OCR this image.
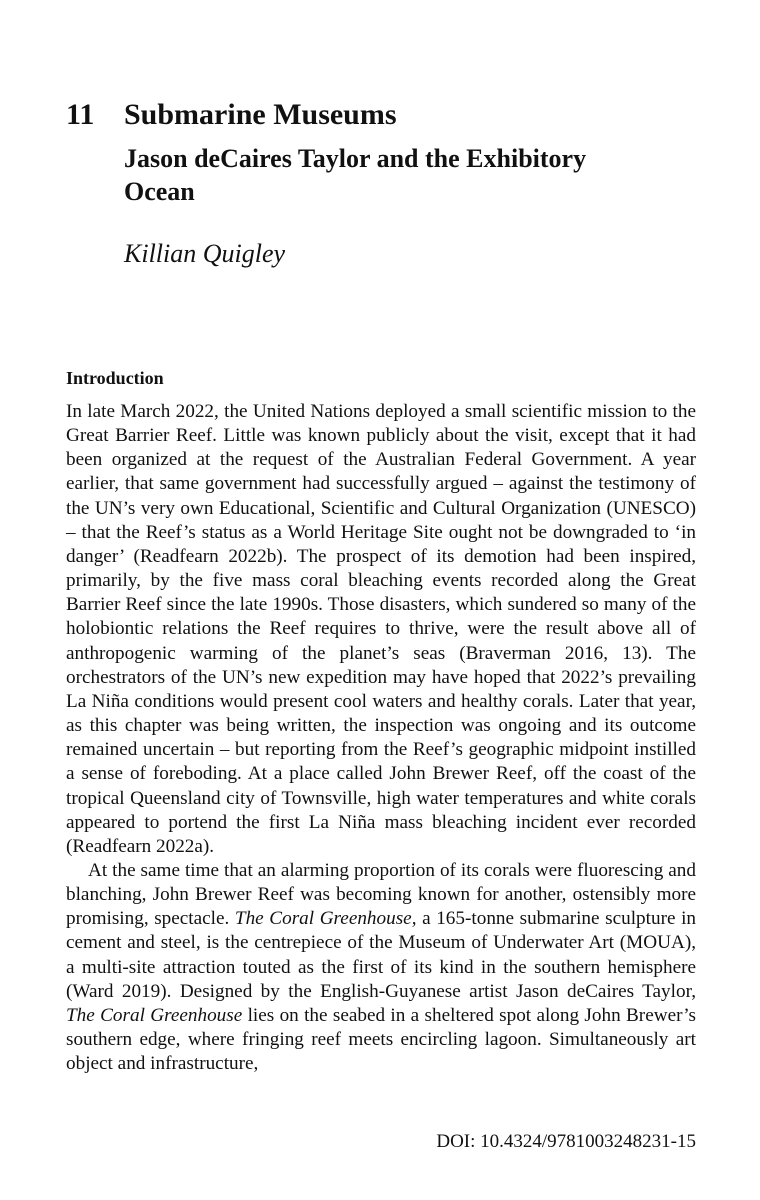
11 Submarine Museums
Jason deCaires Taylor and the Exhibitory Ocean
Killian Quigley
Introduction

In late March 2022, the United Nations deployed a small scientific mission to the Great Barrier Reef. Little was known publicly about the visit, except that it had been organized at the request of the Australian Federal Government. A year earlier, that same government had successfully argued – against the testimony of the UN’s very own Educational, Scientific and Cultural Organization (UNESCO) – that the Reef’s status as a World Heritage Site ought not be downgraded to ‘in danger’ (Readfearn 2022b). The prospect of its demotion had been inspired, primarily, by the five mass coral bleaching events recorded along the Great Barrier Reef since the late 1990s. Those disasters, which sundered so many of the holobiontic relations the Reef requires to thrive, were the result above all of anthropogenic warming of the planet’s seas (Braverman 2016, 13). The orchestrators of the UN’s new expedition may have hoped that 2022’s prevailing La Niña conditions would present cool waters and healthy corals. Later that year, as this chapter was being written, the inspection was ongoing and its outcome remained uncertain – but reporting from the Reef’s geographic midpoint instilled a sense of foreboding. At a place called John Brewer Reef, off the coast of the tropical Queensland city of Townsville, high water temperatures and white corals appeared to portend the first La Niña mass bleaching incident ever recorded (Readfearn 2022a).

At the same time that an alarming proportion of its corals were fluorescing and blanching, John Brewer Reef was becoming known for another, ostensibly more promising, spectacle. The Coral Greenhouse, a 165-tonne submarine sculpture in cement and steel, is the centrepiece of the Museum of Underwater Art (MOUA), a multi-site attraction touted as the first of its kind in the southern hemisphere (Ward 2019). Designed by the English-Guyanese artist Jason deCaires Taylor, The Coral Greenhouse lies on the seabed in a sheltered spot along John Brewer’s southern edge, where fringing reef meets encircling lagoon. Simultaneously art object and infrastructure,

DOI: 10.4324/9781003248231-15
